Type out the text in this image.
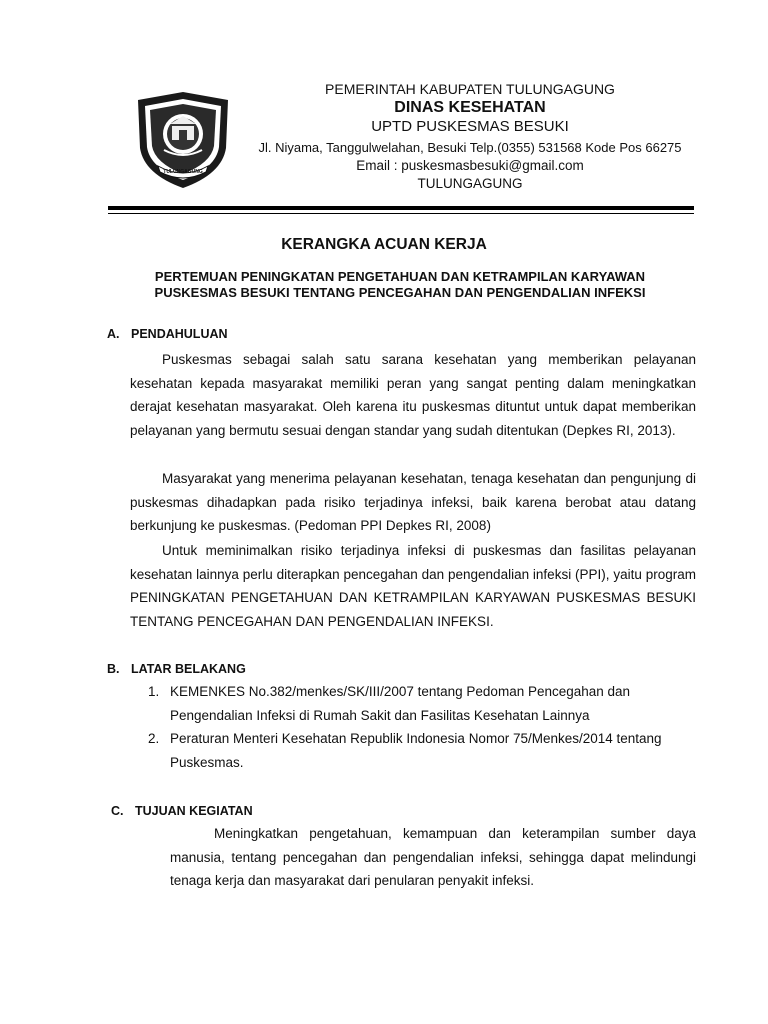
TULUNGAGUNG
PEMERINTAH KABUPATEN TULUNGAGUNG
DINAS KESEHATAN
UPTD PUSKESMAS BESUKI
Jl. Niyama, Tanggulwelahan, Besuki Telp.(0355) 531568 Kode Pos 66275
Email : puskesmasbesuki@gmail.com
TULUNGAGUNG
KERANGKA ACUAN KERJA
PERTEMUAN PENINGKATAN PENGETAHUAN DAN KETRAMPILAN KARYAWAN
PUSKESMAS BESUKI TENTANG PENCEGAHAN DAN PENGENDALIAN INFEKSI
A. PENDAHULUAN

Puskesmas sebagai salah satu sarana kesehatan yang memberikan pelayanan kesehatan kepada masyarakat memiliki peran yang sangat penting dalam meningkatkan derajat kesehatan masyarakat. Oleh karena itu puskesmas dituntut untuk dapat memberikan pelayanan yang bermutu sesuai dengan standar yang sudah ditentukan (Depkes RI, 2013).

Masyarakat yang menerima pelayanan kesehatan, tenaga kesehatan dan pengunjung di puskesmas dihadapkan pada risiko terjadinya infeksi, baik karena berobat atau datang berkunjung ke puskesmas. (Pedoman PPI Depkes RI, 2008)

Untuk meminimalkan risiko terjadinya infeksi di puskesmas dan fasilitas pelayanan kesehatan lainnya perlu diterapkan pencegahan dan pengendalian infeksi (PPI), yaitu program PENINGKATAN PENGETAHUAN DAN KETRAMPILAN KARYAWAN PUSKESMAS BESUKI TENTANG PENCEGAHAN DAN PENGENDALIAN INFEKSI.

B. LATAR BELAKANG
1. KEMENKES No.382/menkes/SK/III/2007 tentang Pedoman Pencegahan dan Pengendalian Infeksi di Rumah Sakit dan Fasilitas Kesehatan Lainnya
2. Peraturan Menteri Kesehatan Republik Indonesia Nomor 75/Menkes/2014 tentang Puskesmas.
C. TUJUAN KEGIATAN

Meningkatkan pengetahuan, kemampuan dan keterampilan sumber daya manusia, tentang pencegahan dan pengendalian infeksi, sehingga dapat melindungi tenaga kerja dan masyarakat dari penularan penyakit infeksi.
